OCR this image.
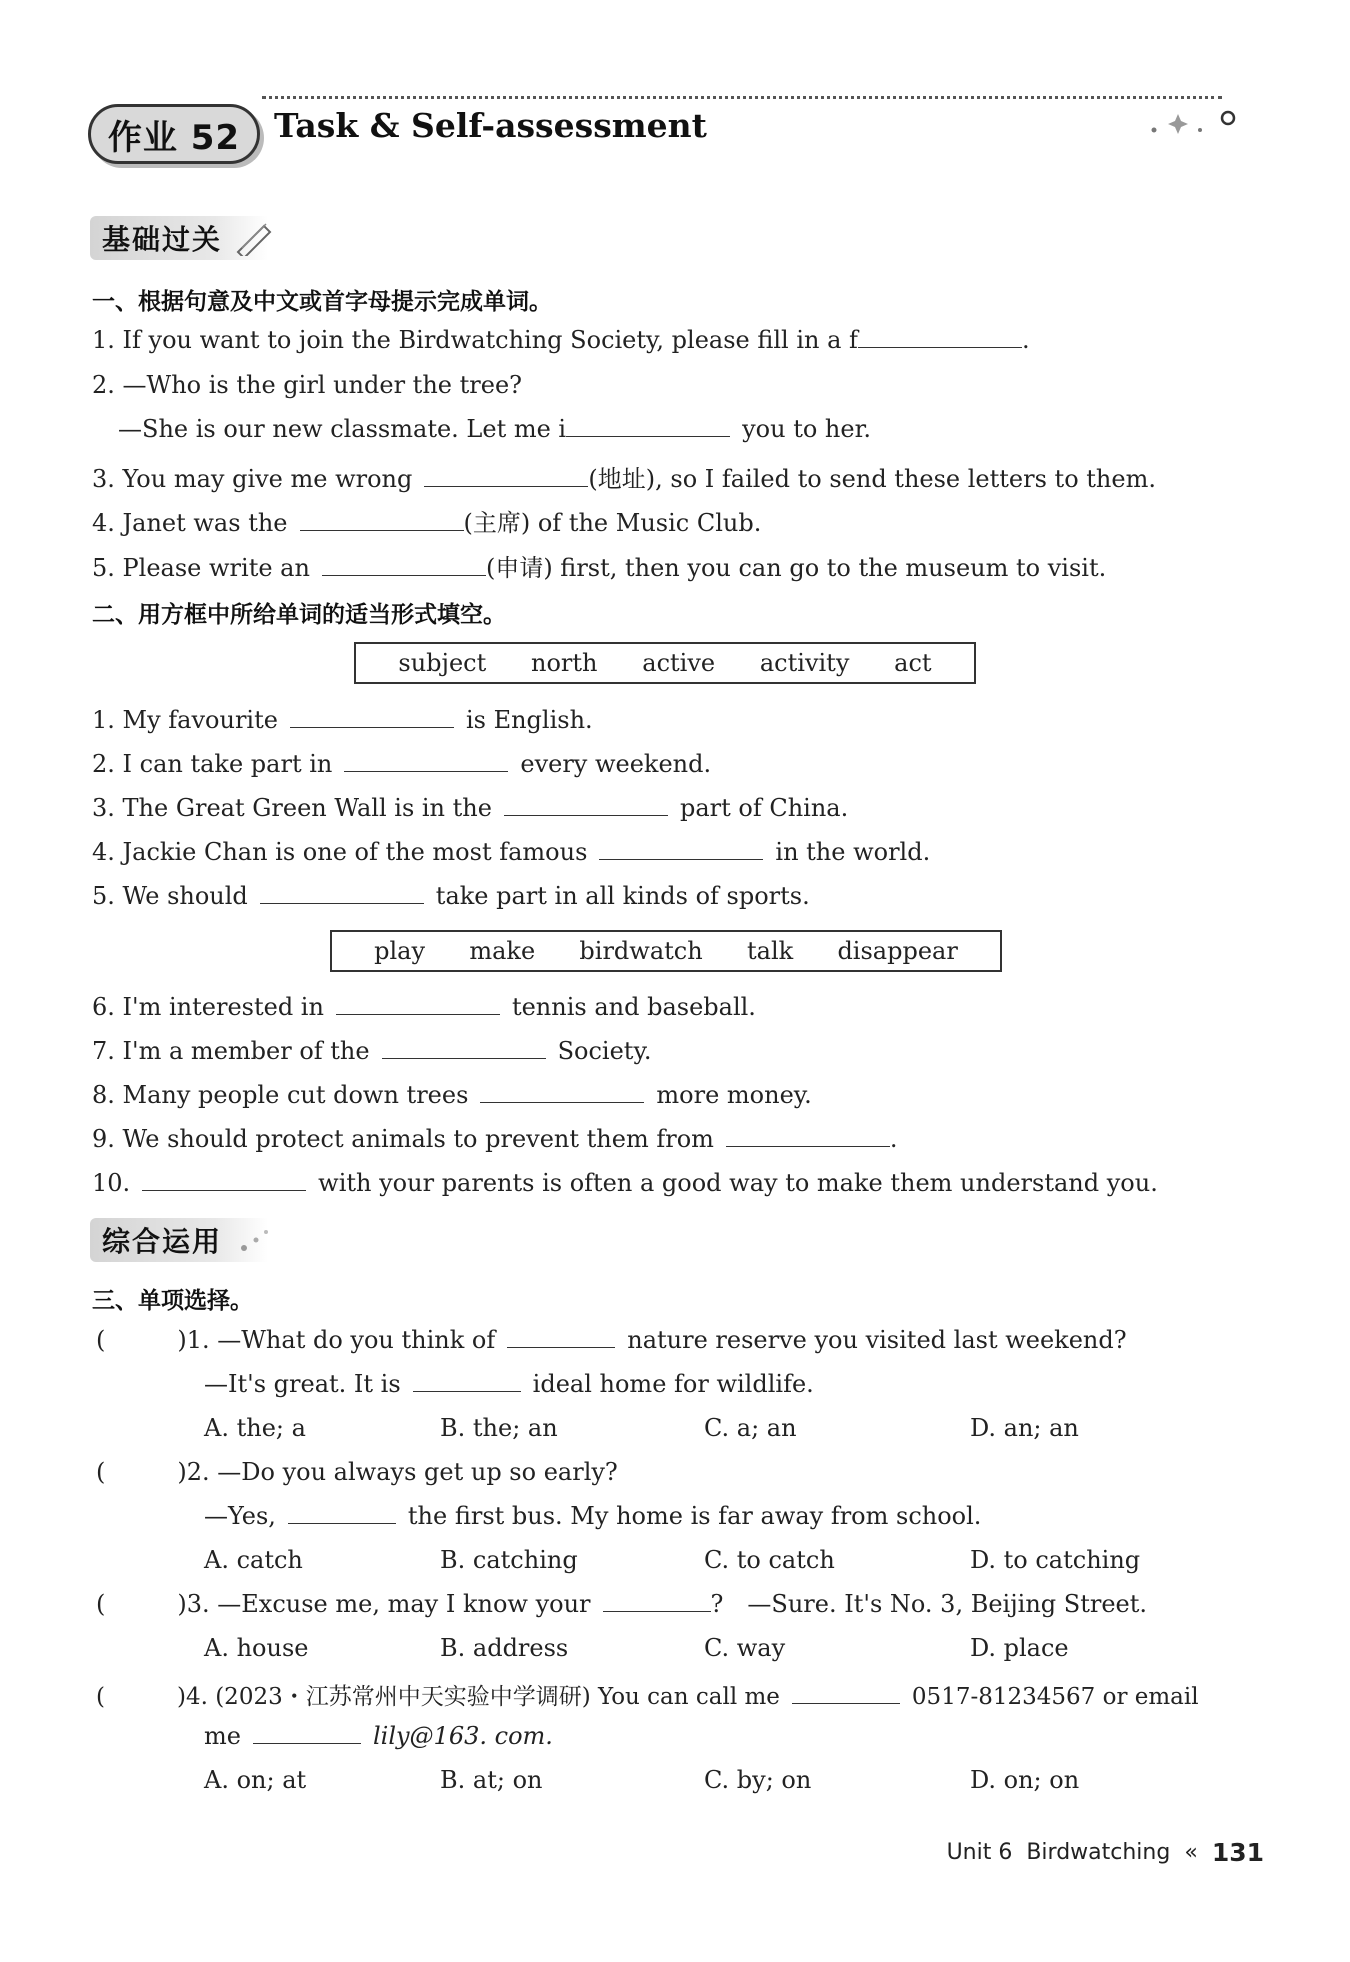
作业 52	Task & Self-assessment
基础过关
一、根据句意及中文或首字母提示完成单词。
1. If you want to join the Birdwatching Society, please fill in a f	.
2. —Who is the girl under the tree?
—She is our new classmate. Let me i	you to her.
3. You may give me wrong	(地址), so I failed to send these letters to them.
4. Janet was the	(主席) of the Music Club.
5. Please write an	(申请) first, then you can go to the museum to visit.
二、用方框中所给单词的适当形式填空。
subject north active activity act
1. My favourite	is English.
2. I can take part in	every weekend.
3. The Great Green Wall is in the	part of China.
4. Jackie Chan is one of the most famous	in the world.
5. We should	take part in all kinds of sports.
play make birdwatch talk disappear
6. I'm interested in	tennis and baseball.
7. I'm a member of the	Society.
8. Many people cut down trees	more money.
9. We should protect animals to prevent them from	.
10.	with your parents is often a good way to make them understand you.
综合运用
三、单项选择。
(	)1. —What do you think of	nature reserve you visited last weekend?
—It's great. It is	ideal home for wildlife.
A. the; a	B. the; an	C. a; an	D. an; an
(	)2. —Do you always get up so early?
—Yes,	the first bus. My home is far away from school.
A. catch	B. catching	C. to catch	D. to catching
(	)3. —Excuse me, may I know your	? —Sure. It's No. 3, Beijing Street.
A. house	B. address	C. way	D. place
(	)4. (2023・江苏常州中天实验中学调研) You can call me	0517-81234567 or email
me	lily@163. com.
A. on; at	B. at; on	C. by; on	D. on; on
Unit 6 Birdwatching « 131
